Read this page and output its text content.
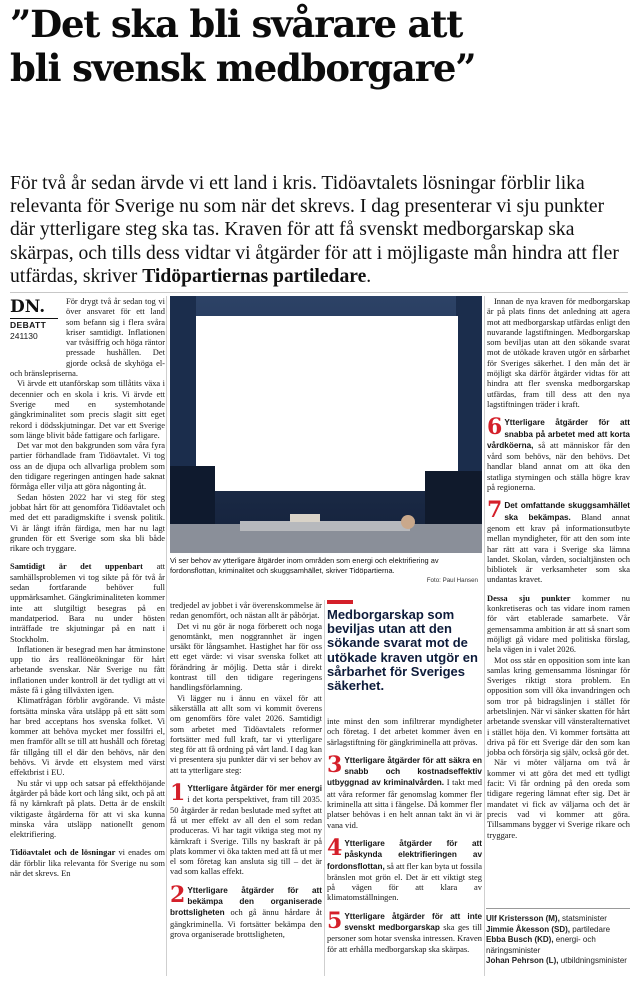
”Det ska bli svårare att
bli svensk medborgare”
För två år sedan ärvde vi ett land i kris. Tidöavtalets lösningar förblir lika relevanta för Sverige nu som när det skrevs. I dag presenterar vi sju punkter där ytterligare steg ska tas. Kraven för att få svenskt medborgarskap ska skärpas, och tills dess vidtar vi åtgärder för att i möjligaste mån hindra att fler utfärdas, skriver Tidöpartiernas partiledare.
DN.
DEBATT
241130

För drygt två år sedan tog vi över ansvaret för ett land som befann sig i flera svåra kriser samtidigt. Inflationen var tvåsiffrig och höga räntor pressade hushållen. Det gjorde också de skyhöga el- och bränslepriserna.

Vi ärvde ett utanförskap som tillåtits växa i decennier och en skola i kris. Vi ärvde ett Sverige med en systemhotande gängkriminalitet som precis slagit sitt eget rekord i dödsskjutningar. Det var ett Sverige som länge blivit både fattigare och farligare.

Det var mot den bakgrunden som våra fyra partier förhandlade fram Tidöavtalet. Vi tog oss an de djupa och allvarliga problem som den tidigare regeringen antingen hade saknat förmåga eller vilja att göra någonting åt.

Sedan hösten 2022 har vi steg för steg jobbat hårt för att genomföra Tidöavtalet och med det ett paradigmskifte i svensk politik. Vi är långt ifrån färdiga, men har nu lagt grunden för ett Sverige som ska bli både rikare och tryggare.

Samtidigt är det uppenbart att samhällsproblemen vi tog sikte på för två år sedan fortfarande behöver full uppmärksamhet. Gängkriminaliteten kommer inte att slutgiltigt besegras på en mandatperiod. Bara nu under hösten inträffade tre skjutningar på en natt i Stockholm.

Inflationen är besegrad men har åtminstone upp tio års reallöneökningar för hårt arbetande svenskar. När Sverige nu fått inflationen under kontroll är det tydligt att vi måste få i gång tillväxten igen.

Klimatfrågan förblir avgörande. Vi måste fortsätta minska våra utsläpp på ett sätt som har bred acceptans hos svenska folket. Vi kommer att behöva mycket mer fossilfri el, men framför allt se till att hushåll och företag får tillgång till el där den behövs, när den behövs. Vi ärvde ett elsystem med värst effektbrist i EU.

Nu står vi upp och satsar på effekthöjande åtgärder på både kort och lång sikt, och på att få ny kärnkraft på plats. Detta är de enskilt viktigaste åtgärderna för att vi ska kunna minska våra utsläpp nationellt genom elektrifiering.

Tidöavtalet och de lösningar vi enades om där förblir lika relevanta för Sverige nu som när det skrevs. En

Vi ser behov av ytterligare åtgärder inom områden som energi och elektrifiering av fordonsflottan, kriminalitet och skuggsamhället, skriver Tidöpartierna.
Foto: Paul Hansen

tredjedel av jobbet i vår överenskommelse är redan genomfört, och nästan allt är påbörjat.

Det vi nu gör är noga förberett och noga genomtänkt, men noggrannhet är ingen ursäkt för långsamhet. Hastighet har för oss ett eget värde: vi visar svenska folket att förändring är möjlig. Detta står i direkt kontrast till den tidigare regeringens handlingsförlamning.

Vi lägger nu i ännu en växel för att säkerställa att allt som vi kommit överens om genomförs före valet 2026. Samtidigt som arbetet med Tidöavtalets reformer fortsätter med full kraft, tar vi ytterligare steg för att få ordning på vårt land. I dag kan vi presentera sju punkter där vi ser behov av att ta ytterligare steg:

1 Ytterligare åtgärder för mer energi i det korta perspektivet, fram till 2035. 50 åtgärder är redan beslutade med syftet att få ut mer effekt av all den el som redan produceras. Vi har tagit viktiga steg mot ny kärnkraft i Sverige. Tills ny baskraft är på plats kommer vi öka takten med att få ut mer el som företag kan ansluta sig till – det är vad som kallas effekt.

2 Ytterligare åtgärder för att bekämpa den organiserade brottsligheten och gå ännu hårdare åt gängkriminella. Vi fortsätter bekämpa den grova organiserade brottsligheten,

Medborgarskap som beviljas utan att den sökande svarat mot de utökade kraven utgör en sårbarhet för Sveriges säkerhet.

inte minst den som infiltrerar myndigheter och företag. I det arbetet kommer även en särlagstiftning för gängkriminella att prövas.

3 Ytterligare åtgärder för att säkra en snabb och kostnadseffektiv utbyggnad av kriminalvården. I takt med att våra reformer får genomslag kommer fler kriminella att sitta i fängelse. Då kommer fler platser behövas i en helt annan takt än vi är vana vid.

4 Ytterligare åtgärder för att påskynda elektrifieringen av fordonsflottan, så att fler kan byta ut fossila bränslen mot grön el. Det är ett viktigt steg på vägen för att klara av klimatomställningen.

5 Ytterligare åtgärder för att inte svenskt medborgarskap ska ges till personer som hotar svenska intressen. Kraven för att erhålla medborgarskap ska skärpas.

Innan de nya kraven för medborgarskap är på plats finns det anledning att agera mot att medborgarskap utfärdas enligt den nuvarande lagstiftningen. Medborgarskap som beviljas utan att den sökande svarat mot de utökade kraven utgör en sårbarhet för Sveriges säkerhet. I den mån det är möjligt ska därför åtgärder vidtas för att hindra att fler svenska medborgarskap utfärdas, fram till dess att den nya lagstiftningen träder i kraft.

6 Ytterligare åtgärder för att snabba på arbetet med att korta vårdköerna, så att människor får den vård som behövs, när den behövs. Det handlar bland annat om att öka den statliga styrningen och ställa högre krav på regionerna.

7 Det omfattande skuggsamhället ska bekämpas. Bland annat genom ett krav på informationsutbyte mellan myndigheter, för att den som inte har rätt att vara i Sverige ska lämna landet. Skolan, vården, socialtjänsten och bibliotek är verksamheter som ska undantas kravet.

Dessa sju punkter kommer nu konkretiseras och tas vidare inom ramen för värt etablerade samarbete. Vår gemensamma ambition är att så snart som möjligt gå vidare med politiska förslag, hela vägen in i valet 2026.

Mot oss står en opposition som inte kan samlas kring gemensamma lösningar för Sveriges riktigt stora problem. En opposition som vill öka invandringen och som tror på bidragslinjen i stället för arbetslinjen. När vi sänker skatten för hårt arbetande svenskar vill vänsteralternativet i stället höja den. Vi kommer fortsätta att driva på för ett Sverige där den som kan jobba och försörja sig själv, också gör det.

När vi möter väljarna om två år kommer vi att göra det med ett tydligt facit: Vi får ordning på den oreda som tidigare regering lämnat efter sig. Det är mandatet vi fick av väljarna och det är precis vad vi kommer att göra. Tillsammans bygger vi Sverige rikare och tryggare.

Ulf Kristersson (M), statsminister
Jimmie Åkesson (SD), partiledare
Ebba Busch (KD), energi- och näringsminister
Johan Pehrson (L), utbildningsminister
